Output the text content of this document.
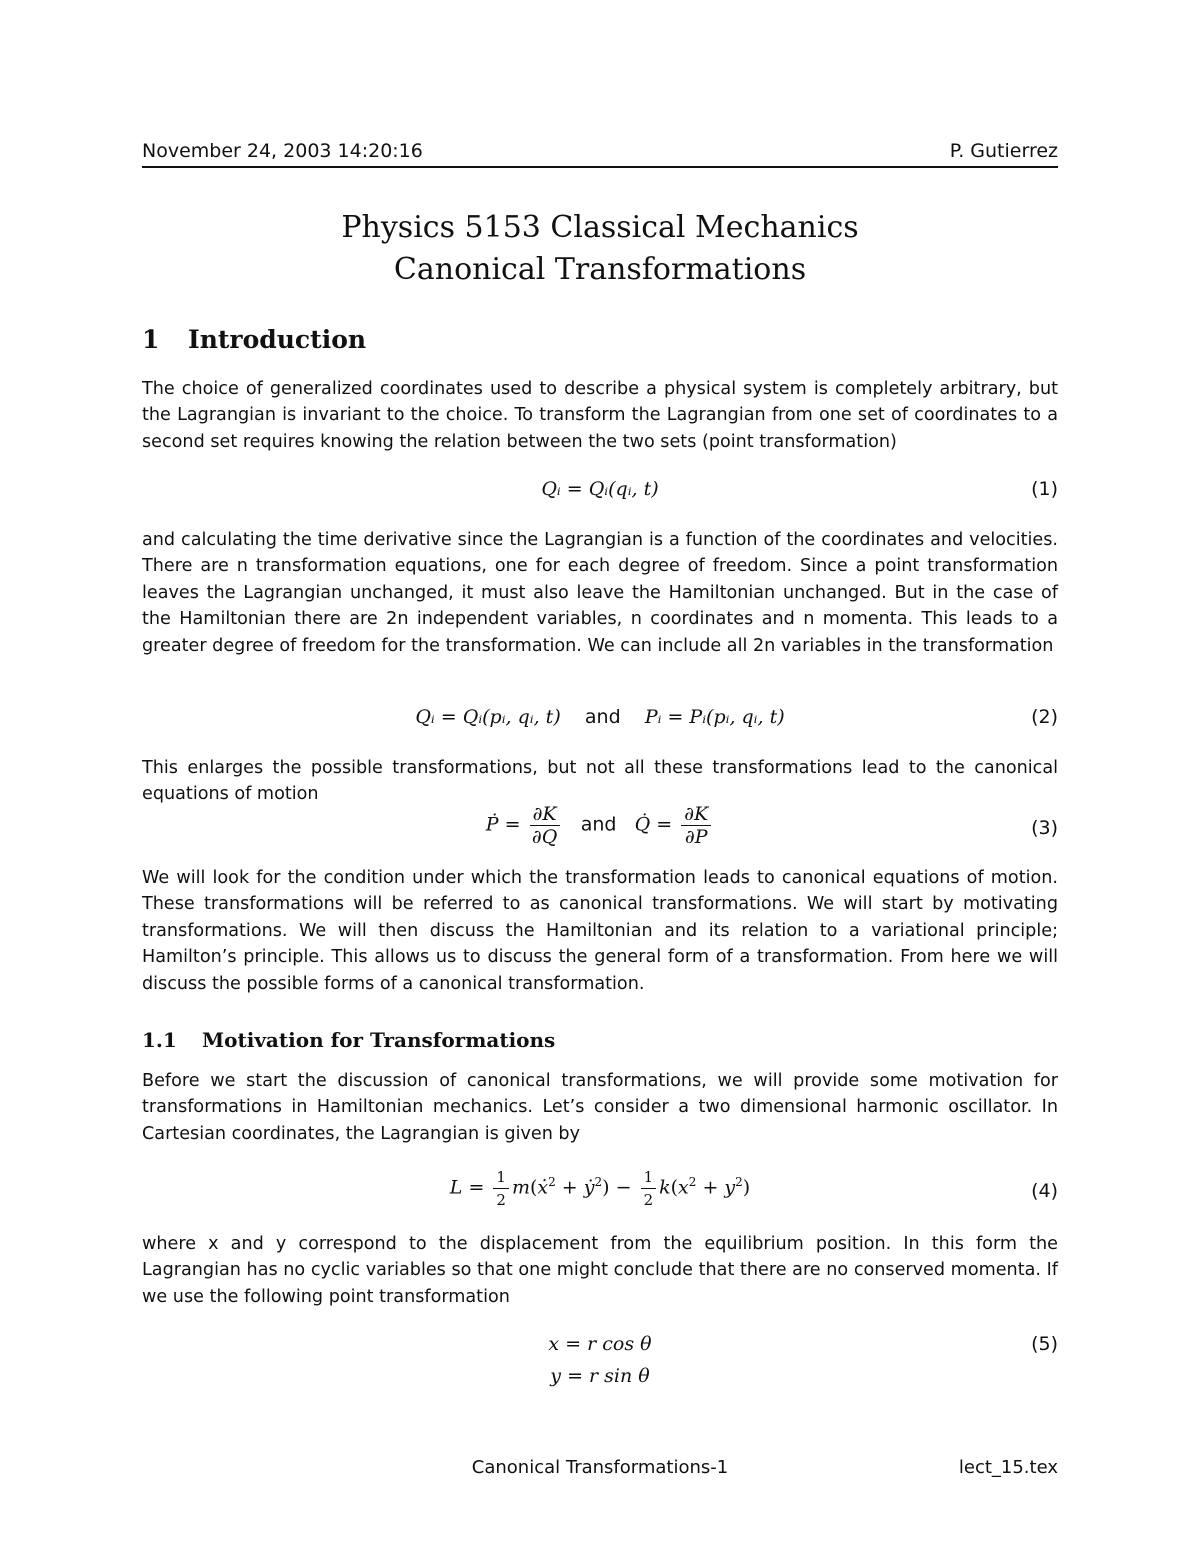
November 24, 2003 14:20:16	P. Gutierrez
Physics 5153 Classical Mechanics
Canonical Transformations
1 Introduction

The choice of generalized coordinates used to describe a physical system is completely arbitrary, but the Lagrangian is invariant to the choice. To transform the Lagrangian from one set of coordinates to a second set requires knowing the relation between the two sets (point transformation)

Qᵢ = Qᵢ(qᵢ, t)	(1)

and calculating the time derivative since the Lagrangian is a function of the coordinates and velocities. There are n transformation equations, one for each degree of freedom. Since a point transformation leaves the Lagrangian unchanged, it must also leave the Hamiltonian unchanged. But in the case of the Hamiltonian there are 2n independent variables, n coordinates and n momenta. This leads to a greater degree of freedom for the transformation. We can include all 2n variables in the transformation

Qᵢ = Qᵢ(pᵢ, qᵢ, t) and Pᵢ = Pᵢ(pᵢ, qᵢ, t)	(2)

This enlarges the possible transformations, but not all these transformations lead to the canonical equations of motion

Ṗ = $\frac{\partial K}{\partial Q}$ and Q̇ = $\frac{\partial K}{\partial P}$	(3)

We will look for the condition under which the transformation leads to canonical equations of motion. These transformations will be referred to as canonical transformations. We will start by motivating transformations. We will then discuss the Hamiltonian and its relation to a variational principle; Hamilton’s principle. This allows us to discuss the general form of a transformation. From here we will discuss the possible forms of a canonical transformation.

1.1 Motivation for Transformations

Before we start the discussion of canonical transformations, we will provide some motivation for transformations in Hamiltonian mechanics. Let’s consider a two dimensional harmonic oscillator. In Cartesian coordinates, the Lagrangian is given by

$L = \frac{1}{2}$ m(ẋ$^2$ + ẏ$^2$) − $\frac{1}{2} k(x^2 + y^2)$	(4)

where x and y correspond to the displacement from the equilibrium position. In this form the Lagrangian has no cyclic variables so that one might conclude that there are no conserved momenta. If we use the following point transformation

x = r cos θ
y = r sin θ
(5)
Canonical Transformations-1	lect_15.tex
